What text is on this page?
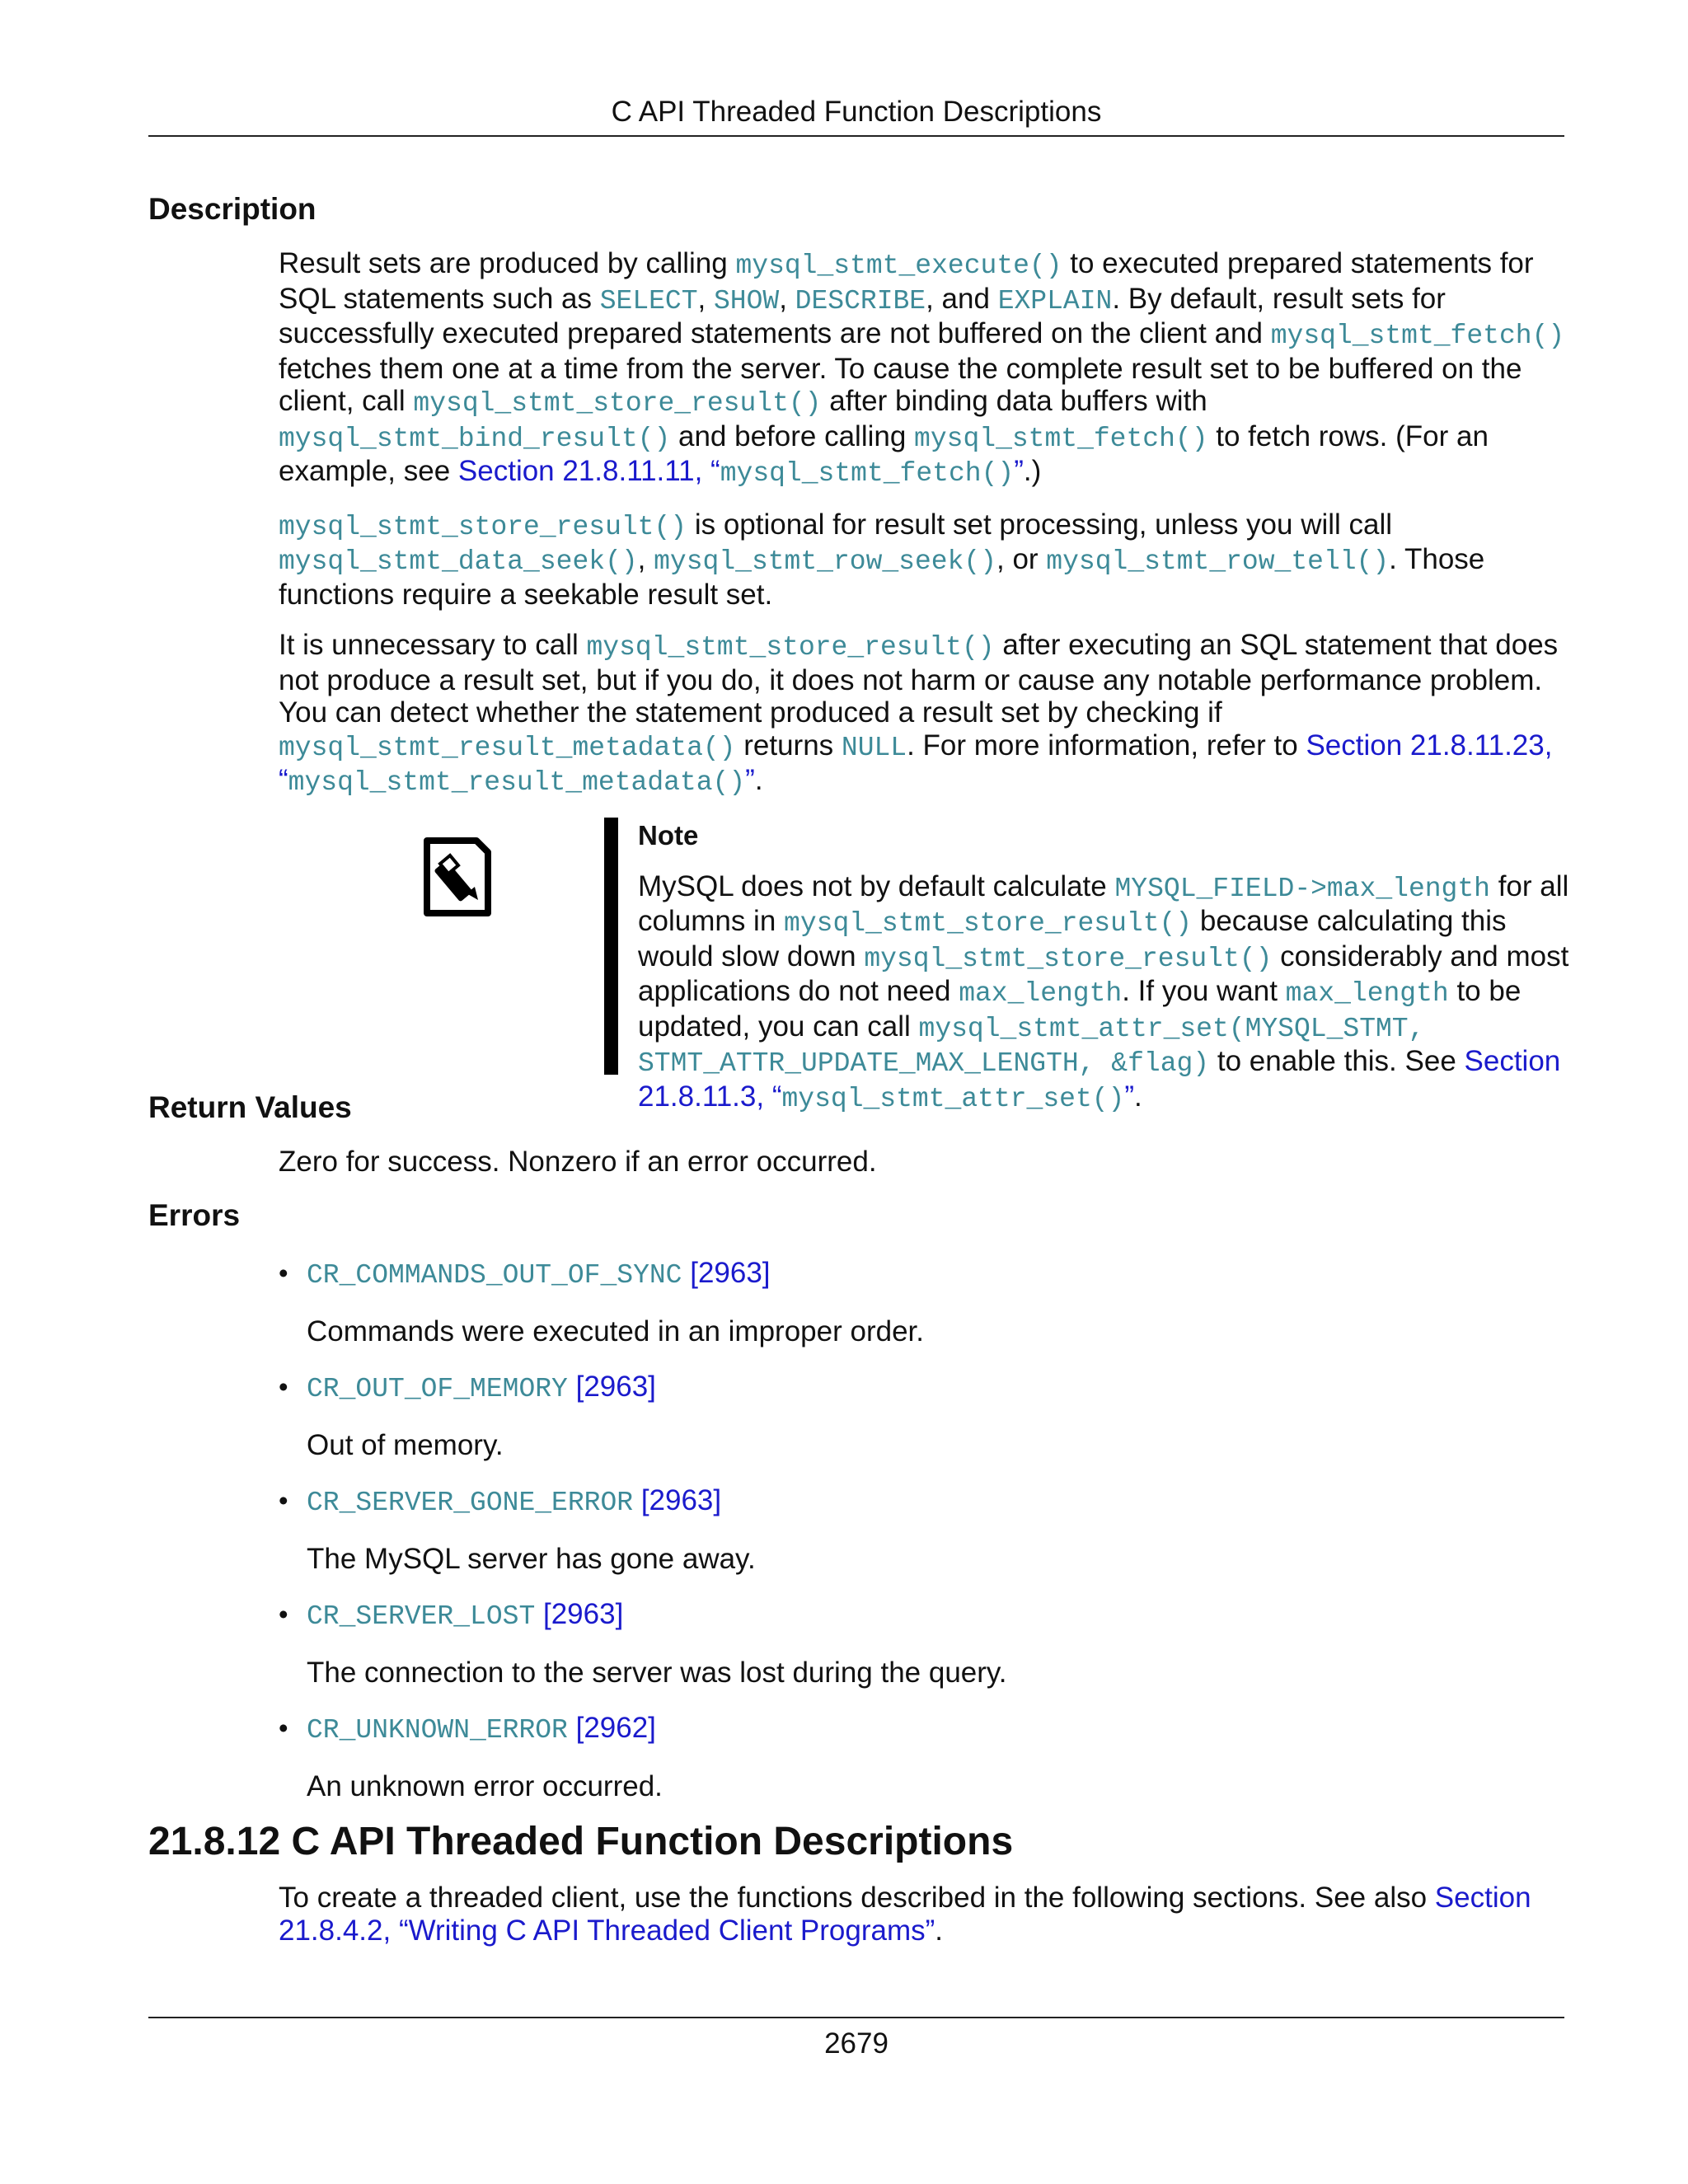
C API Threaded Function Descriptions
Description

Result sets are produced by calling mysql_stmt_execute() to executed prepared statements for SQL statements such as SELECT, SHOW, DESCRIBE, and EXPLAIN. By default, result sets for successfully executed prepared statements are not buffered on the client and mysql_stmt_fetch() fetches them one at a time from the server. To cause the complete result set to be buffered on the client, call mysql_stmt_store_result() after binding data buffers with mysql_stmt_bind_result() and before calling mysql_stmt_fetch() to fetch rows. (For an example, see Section 21.8.11.11, “mysql_stmt_fetch()”.)

mysql_stmt_store_result() is optional for result set processing, unless you will call mysql_stmt_data_seek(), mysql_stmt_row_seek(), or mysql_stmt_row_tell(). Those functions require a seekable result set.

It is unnecessary to call mysql_stmt_store_result() after executing an SQL statement that does not produce a result set, but if you do, it does not harm or cause any notable performance problem. You can detect whether the statement produced a result set by checking if mysql_stmt_result_metadata() returns NULL. For more information, refer to Section 21.8.11.23, “mysql_stmt_result_metadata()”.

Note

MySQL does not by default calculate MYSQL_FIELD->max_length for all columns in mysql_stmt_store_result() because calculating this would slow down mysql_stmt_store_result() considerably and most applications do not need max_length. If you want max_length to be updated, you can call mysql_stmt_attr_set(MYSQL_STMT, STMT_ATTR_UPDATE_MAX_LENGTH, &flag) to enable this. See Section 21.8.11.3, “mysql_stmt_attr_set()”.

Return Values

Zero for success. Nonzero if an error occurred.

Errors
• CR_COMMANDS_OUT_OF_SYNC [2963]

Commands were executed in an improper order.

• CR_OUT_OF_MEMORY [2963]

Out of memory.

• CR_SERVER_GONE_ERROR [2963]

The MySQL server has gone away.

• CR_SERVER_LOST [2963]

The connection to the server was lost during the query.

• CR_UNKNOWN_ERROR [2962]

An unknown error occurred.

21.8.12 C API Threaded Function Descriptions

To create a threaded client, use the functions described in the following sections. See also Section 21.8.4.2, “Writing C API Threaded Client Programs”.

2679
